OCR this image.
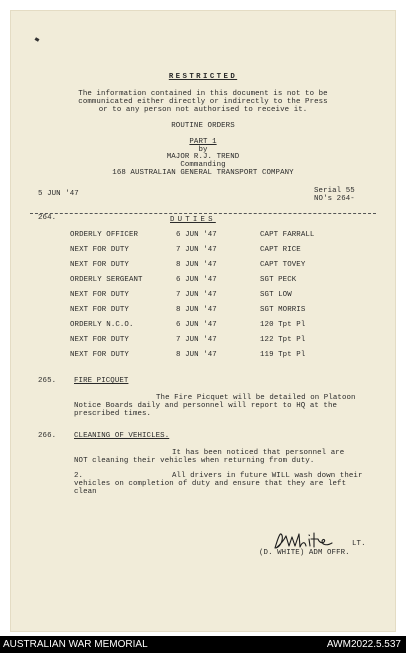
RESTRICTED
The information contained in this document is not to be
communicated either directly or indirectly to the Press
or to any person not authorised to receive it.
ROUTINE ORDERS
PART 1
by
MAJOR R.J. TREND
Commanding
168 AUSTRALIAN GENERAL TRANSPORT COMPANY
5 JUN '47	Serial 55
NO's 264-
264.	DUTIES
ORDERLY OFFICER	6 JUN '47	CAPT FARRALL
NEXT FOR DUTY	7 JUN '47	CAPT RICE
NEXT FOR DUTY	8 JUN '47	CAPT TOVEY
ORDERLY SERGEANT	6 JUN '47	SGT PECK
NEXT FOR DUTY	7 JUN '47	SGT LOW
NEXT FOR DUTY	8 JUN '47	SGT MORRIS
ORDERLY N.C.O.	6 JUN '47	120 Tpt Pl
NEXT FOR DUTY	7 JUN '47	122 Tpt Pl
NEXT FOR DUTY	8 JUN '47	119 Tpt Pl
265. FIRE PICQUET
The Fire Picquet will be detailed on Platoon
Notice Boards daily and personnel will report to HQ at the
prescribed times.
266. CLEANING OF VEHICLES.
It has been noticed that personnel are
NOT cleaning their vehicles when returning from duty.
2.	All drivers in future WILL wash down their
vehicles on completion of duty and ensure that they are left
clean
LT.
(D. WHITE) ADM OFFR.
AUSTRALIAN WAR MEMORIAL	AWM2022.5.537
